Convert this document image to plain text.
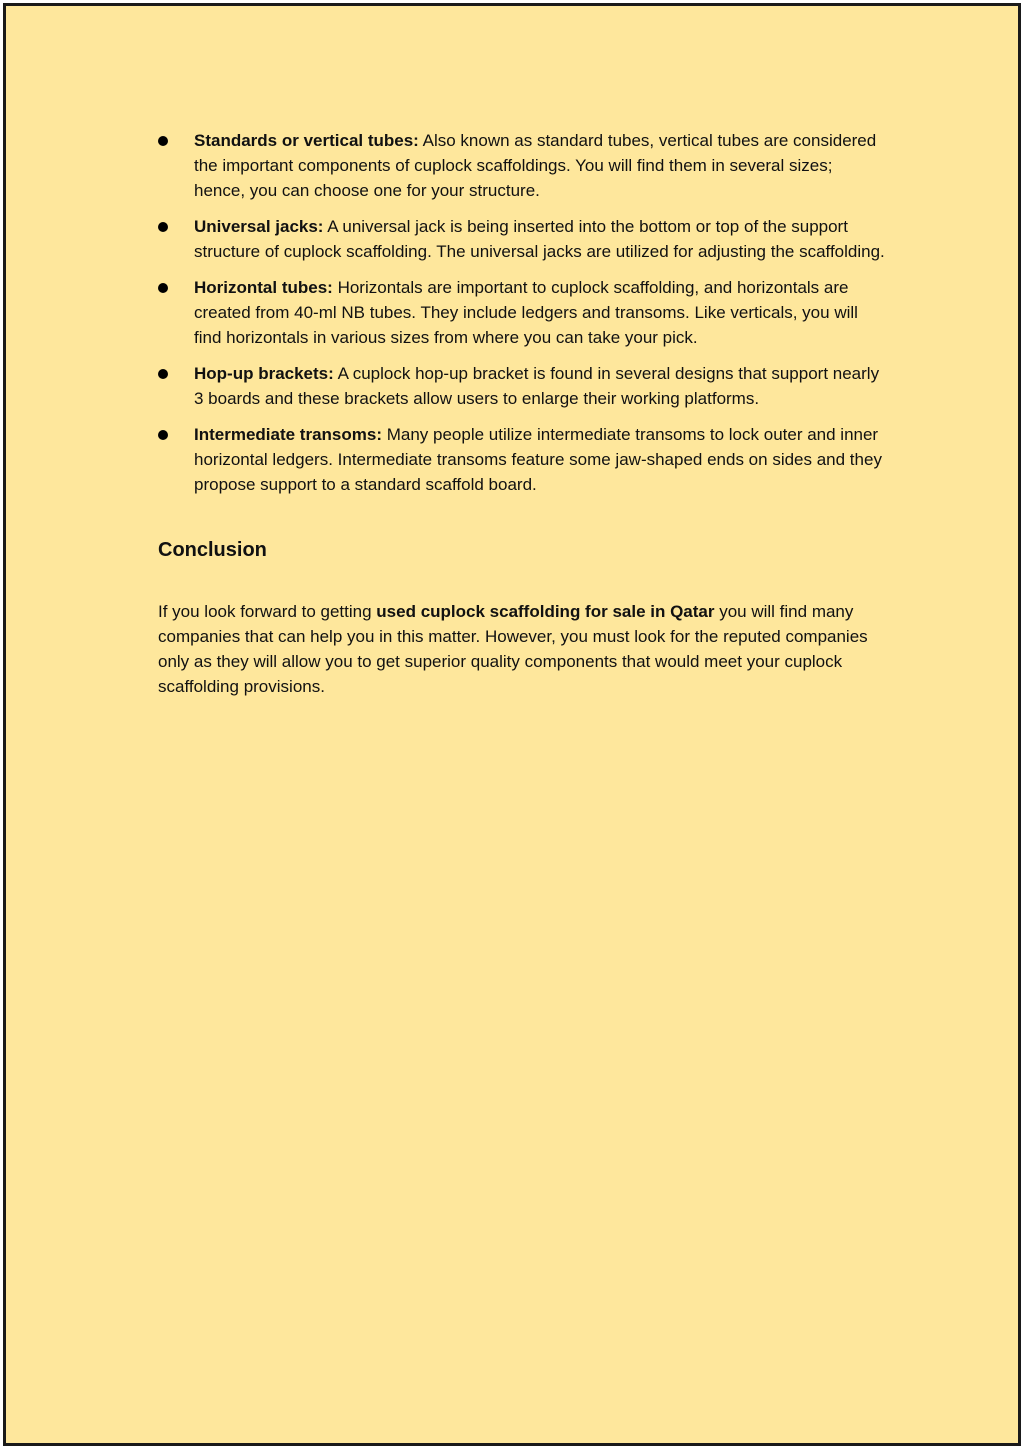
Standards or vertical tubes: Also known as standard tubes, vertical tubes are considered the important components of cuplock scaffoldings. You will find them in several sizes; hence, you can choose one for your structure.
Universal jacks: A universal jack is being inserted into the bottom or top of the support structure of cuplock scaffolding. The universal jacks are utilized for adjusting the scaffolding.
Horizontal tubes: Horizontals are important to cuplock scaffolding, and horizontals are created from 40-ml NB tubes. They include ledgers and transoms. Like verticals, you will find horizontals in various sizes from where you can take your pick.
Hop-up brackets: A cuplock hop-up bracket is found in several designs that support nearly 3 boards and these brackets allow users to enlarge their working platforms.
Intermediate transoms: Many people utilize intermediate transoms to lock outer and inner horizontal ledgers. Intermediate transoms feature some jaw-shaped ends on sides and they propose support to a standard scaffold board.
Conclusion

If you look forward to getting used cuplock scaffolding for sale in Qatar you will find many companies that can help you in this matter. However, you must look for the reputed companies only as they will allow you to get superior quality components that would meet your cuplock scaffolding provisions.
